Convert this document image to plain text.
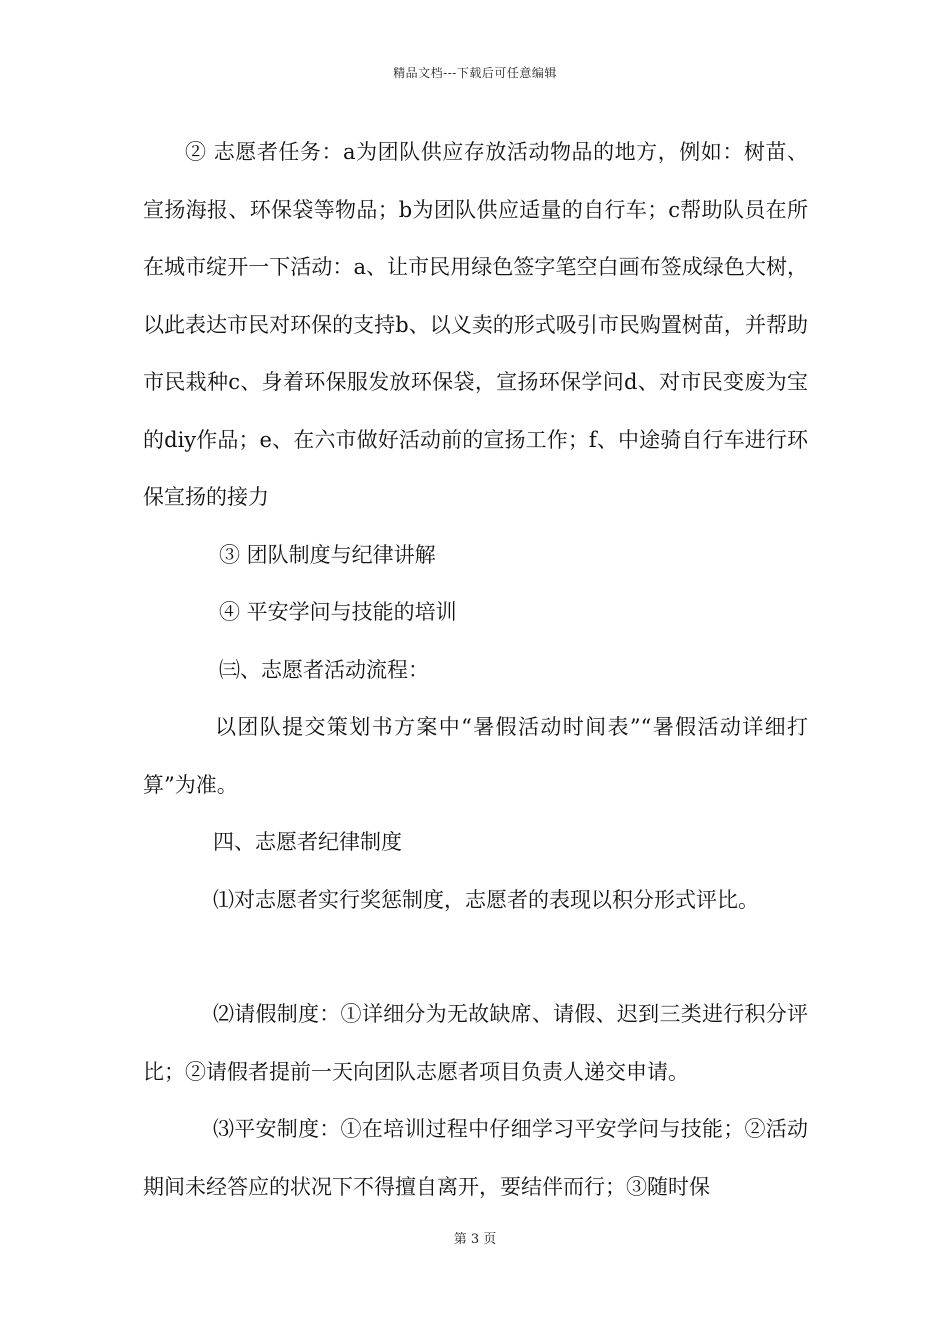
精品文档---下载后可任意编辑

② 志愿者任务：a为团队供应存放活动物品的地方，例如：树苗、宣扬海报、环保袋等物品；b为团队供应适量的自行车；c帮助队员在所在城市绽开一下活动：a、让市民用绿色签字笔空白画布签成绿色大树，以此表达市民对环保的支持b、以义卖的形式吸引市民购置树苗，并帮助市民栽种c、身着环保服发放环保袋，宣扬环保学问d、对市民变废为宝的diy作品；e、在六市做好活动前的宣扬工作；f、中途骑自行车进行环保宣扬的接力

③ 团队制度与纪律讲解

④ 平安学问与技能的培训

㈢、志愿者活动流程：

以团队提交策划书方案中“暑假活动时间表”“暑假活动详细打算”为准。

四、志愿者纪律制度

⑴对志愿者实行奖惩制度，志愿者的表现以积分形式评比。

⑵请假制度：①详细分为无故缺席、请假、迟到三类进行积分评比；②请假者提前一天向团队志愿者项目负责人递交申请。

⑶平安制度：①在培训过程中仔细学习平安学问与技能；②活动期间未经答应的状况下不得擅自离开，要结伴而行；③随时保

第 3 页
